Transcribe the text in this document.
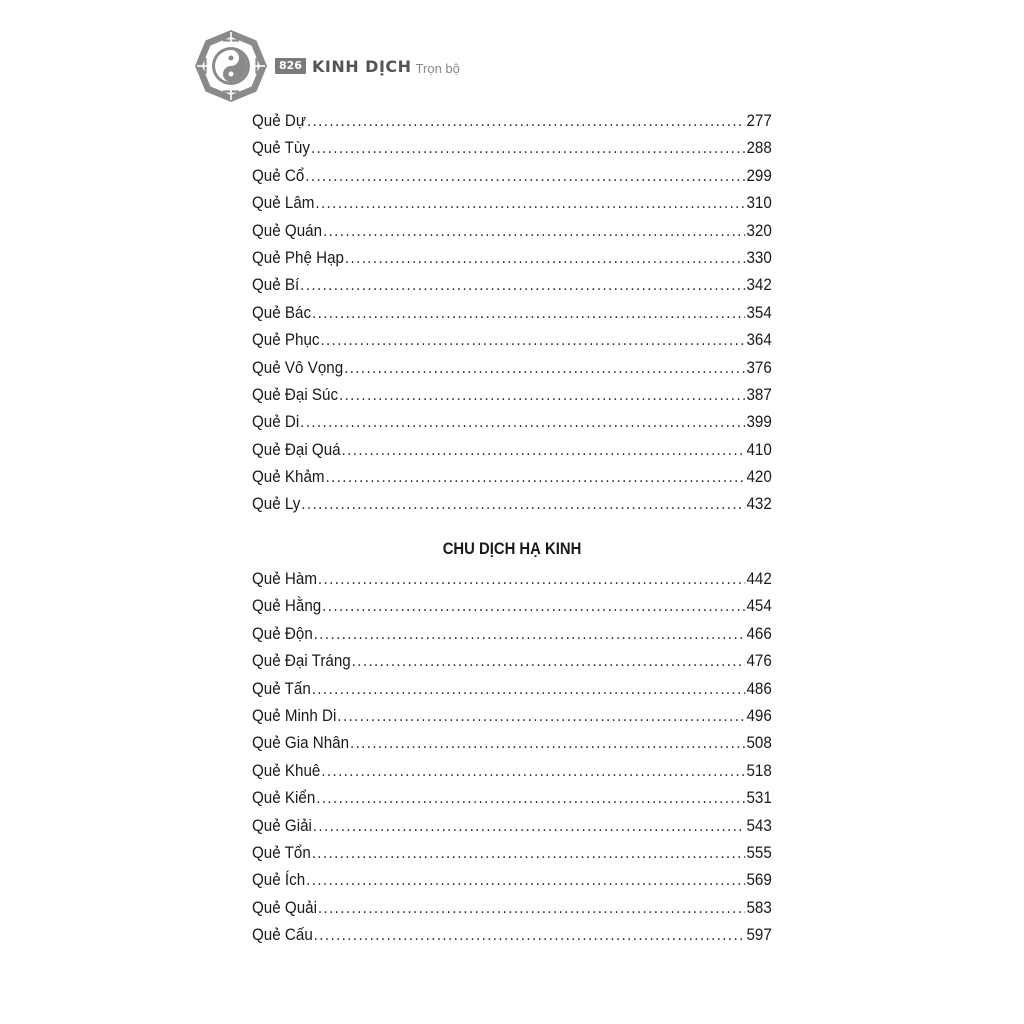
826 KINH DỊCH Trọn bộ
Quẻ Dự .....	277
Quẻ Tùy .....	288
Quẻ Cổ .....	299
Quẻ Lâm .....	310
Quẻ Quán .....	320
Quẻ Phệ Hạp .....	330
Quẻ Bí .....	342
Quẻ Bác .....	354
Quẻ Phục .....	364
Quẻ Vô Vọng .....	376
Quẻ Đại Súc .....	387
Quẻ Di .....	399
Quẻ Đại Quá .....	410
Quẻ Khảm .....	420
Quẻ Ly .....	432
CHU DỊCH HẠ KINH
Quẻ Hàm .....	442
Quẻ Hằng .....	454
Quẻ Độn .....	466
Quẻ Đại Tráng .....	476
Quẻ Tấn .....	486
Quẻ Minh Di .....	496
Quẻ Gia Nhân .....	508
Quẻ Khuê .....	518
Quẻ Kiển .....	531
Quẻ Giải .....	543
Quẻ Tổn .....	555
Quẻ Ích .....	569
Quẻ Quải .....	583
Quẻ Cấu .....	597
